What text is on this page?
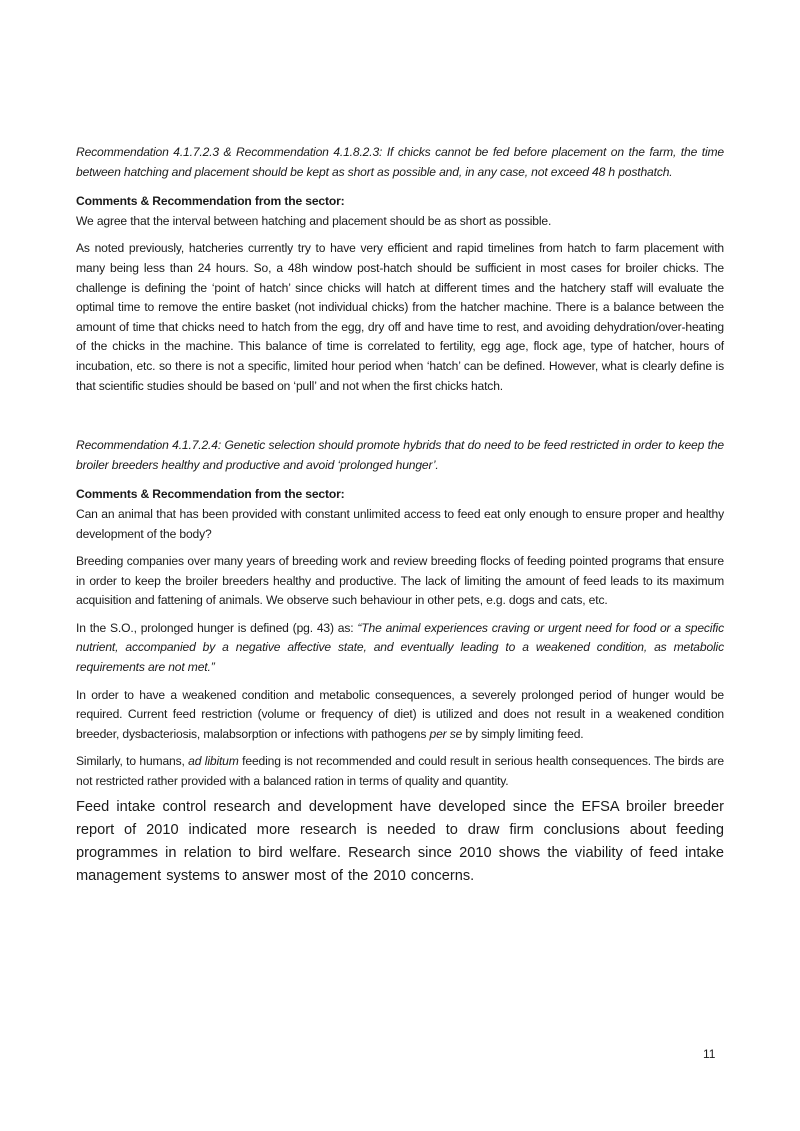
Recommendation 4.1.7.2.3 & Recommendation 4.1.8.2.3: If chicks cannot be fed before placement on the farm, the time between hatching and placement should be kept as short as possible and, in any case, not exceed 48 h posthatch.

Comments & Recommendation from the sector:

We agree that the interval between hatching and placement should be as short as possible.

As noted previously, hatcheries currently try to have very efficient and rapid timelines from hatch to farm placement with many being less than 24 hours. So, a 48h window post-hatch should be sufficient in most cases for broiler chicks. The challenge is defining the ‘point of hatch’ since chicks will hatch at different times and the hatchery staff will evaluate the optimal time to remove the entire basket (not individual chicks) from the hatcher machine. There is a balance between the amount of time that chicks need to hatch from the egg, dry off and have time to rest, and avoiding dehydration/over-heating of the chicks in the machine. This balance of time is correlated to fertility, egg age, flock age, type of hatcher, hours of incubation, etc. so there is not a specific, limited hour period when ‘hatch’ can be defined. However, what is clearly define is that scientific studies should be based on ‘pull’ and not when the first chicks hatch.

Recommendation 4.1.7.2.4: Genetic selection should promote hybrids that do need to be feed restricted in order to keep the broiler breeders healthy and productive and avoid ‘prolonged hunger’.

Comments & Recommendation from the sector:

Can an animal that has been provided with constant unlimited access to feed eat only enough to ensure proper and healthy development of the body?

Breeding companies over many years of breeding work and review breeding flocks of feeding pointed programs that ensure in order to keep the broiler breeders healthy and productive. The lack of limiting the amount of feed leads to its maximum acquisition and fattening of animals. We observe such behaviour in other pets, e.g. dogs and cats, etc.

In the S.O., prolonged hunger is defined (pg. 43) as: “The animal experiences craving or urgent need for food or a specific nutrient, accompanied by a negative affective state, and eventually leading to a weakened condition, as metabolic requirements are not met.”

In order to have a weakened condition and metabolic consequences, a severely prolonged period of hunger would be required. Current feed restriction (volume or frequency of diet) is utilized and does not result in a weakened condition breeder, dysbacteriosis, malabsorption or infections with pathogens per se by simply limiting feed.

Similarly, to humans, ad libitum feeding is not recommended and could result in serious health consequences. The birds are not restricted rather provided with a balanced ration in terms of quality and quantity.

Feed intake control research and development have developed since the EFSA broiler breeder report of 2010 indicated more research is needed to draw firm conclusions about feeding programmes in relation to bird welfare. Research since 2010 shows the viability of feed intake management systems to answer most of the 2010 concerns.

11
